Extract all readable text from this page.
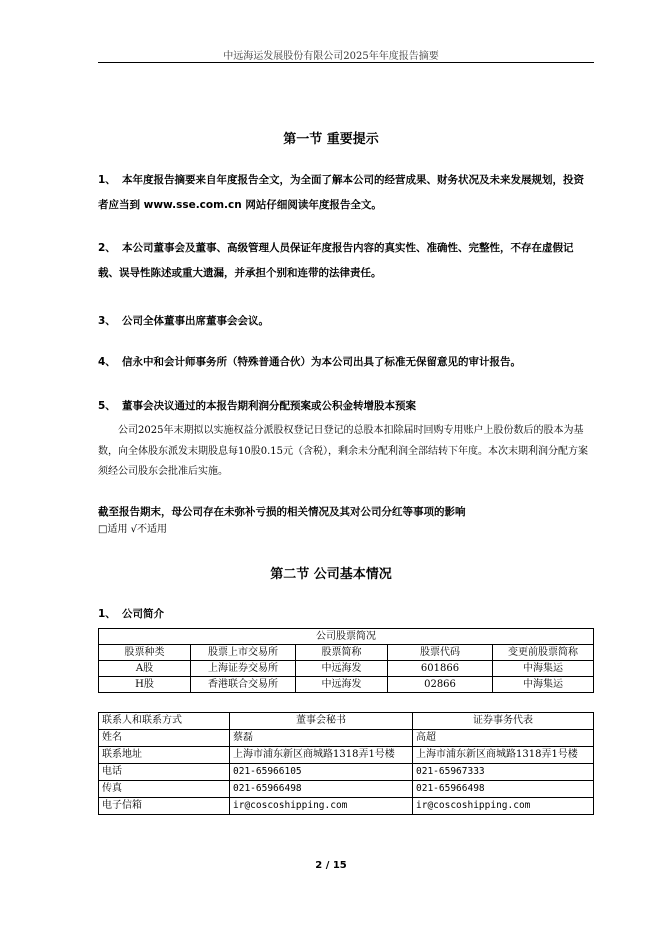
中远海运发展股份有限公司2025年年度报告摘要
第一节 重要提示
1、 本年度报告摘要来自年度报告全文，为全面了解本公司的经营成果、财务状况及未来发展规划，投资者应当到 www.sse.com.cn 网站仔细阅读年度报告全文。
2、 本公司董事会及董事、高级管理人员保证年度报告内容的真实性、准确性、完整性，不存在虚假记载、误导性陈述或重大遗漏，并承担个别和连带的法律责任。
3、 公司全体董事出席董事会会议。
4、 信永中和会计师事务所（特殊普通合伙）为本公司出具了标准无保留意见的审计报告。
5、 董事会决议通过的本报告期利润分配预案或公积金转增股本预案
公司2025年末期拟以实施权益分派股权登记日登记的总股本扣除届时回购专用账户上股份数后的股本为基数，向全体股东派发末期股息每10股0.15元（含税），剩余未分配利润全部结转下年度。本次末期利润分配方案须经公司股东会批准后实施。
截至报告期末，母公司存在未弥补亏损的相关情况及其对公司分红等事项的影响
□适用 √不适用
第二节 公司基本情况
1、 公司简介
公司股票简况				
股票种类	股票上市交易所	股票简称	股票代码	变更前股票简称
A股	上海证券交易所	中远海发	601866	中海集运
H股	香港联合交易所	中远海发	02866	中海集运
联系人和联系方式	董事会秘书	证券事务代表
姓名	蔡磊	高超
联系地址	上海市浦东新区商城路1318弄1号楼	上海市浦东新区商城路1318弄1号楼
电话	021-65966105	021-65967333
传真	021-65966498	021-65966498
电子信箱	ir@coscoshipping.com	ir@coscoshipping.com
2 / 15
